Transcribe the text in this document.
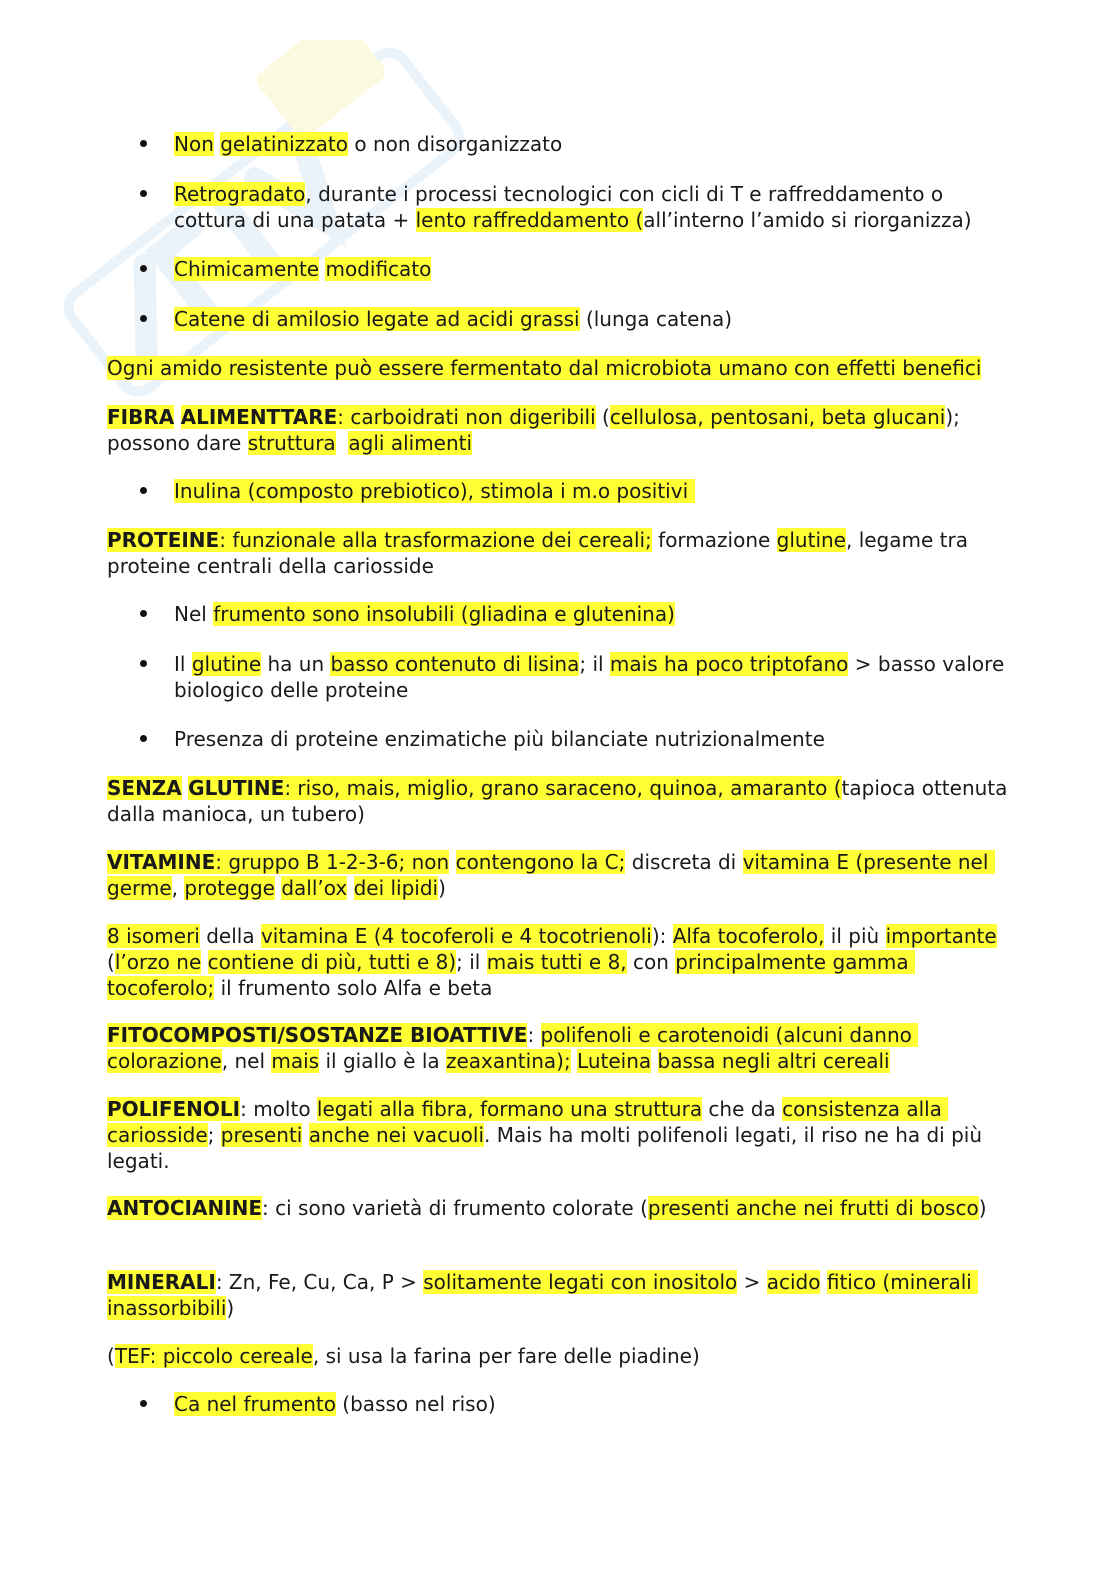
Non gelatinizzato o non disorganizzato

Retrogradato, durante i processi tecnologici con cicli di T e raffreddamento o cottura di una patata + lento raffreddamento (all’interno l’amido si riorganizza)

Chimicamente modificato

Catene di amilosio legate ad acidi grassi (lunga catena)

Ogni amido resistente può essere fermentato dal microbiota umano con effetti benefici

FIBRA ALIMENTTARE: carboidrati non digeribili (cellulosa, pentosani, beta glucani); possono dare struttura agli alimenti

Inulina (composto prebiotico), stimola i m.o positivi

PROTEINE: funzionale alla trasformazione dei cereali; formazione glutine, legame tra proteine centrali della cariosside

Nel frumento sono insolubili (gliadina e glutenina)

Il glutine ha un basso contenuto di lisina; il mais ha poco triptofano > basso valore biologico delle proteine

Presenza di proteine enzimatiche più bilanciate nutrizionalmente

SENZA GLUTINE: riso, mais, miglio, grano saraceno, quinoa, amaranto (tapioca ottenuta dalla manioca, un tubero)

VITAMINE: gruppo B 1-2-3-6; non contengono la C; discreta di vitamina E (presente nel germe, protegge dall’ox dei lipidi)

8 isomeri della vitamina E (4 tocoferoli e 4 tocotrienoli): Alfa tocoferolo, il più importante (l’orzo ne contiene di più, tutti e 8); il mais tutti e 8, con principalmente gamma tocoferolo; il frumento solo Alfa e beta

FITOCOMPOSTI/SOSTANZE BIOATTIVE: polifenoli e carotenoidi (alcuni danno colorazione, nel mais il giallo è la zeaxantina); Luteina bassa negli altri cereali

POLIFENOLI: molto legati alla fibra, formano una struttura che da consistenza alla cariosside; presenti anche nei vacuoli. Mais ha molti polifenoli legati, il riso ne ha di più legati.

ANTOCIANINE: ci sono varietà di frumento colorate (presenti anche nei frutti di bosco)

MINERALI: Zn, Fe, Cu, Ca, P > solitamente legati con inositolo > acido fitico (minerali inassorbibili)

(TEF: piccolo cereale, si usa la farina per fare delle piadine)

Ca nel frumento (basso nel riso)
